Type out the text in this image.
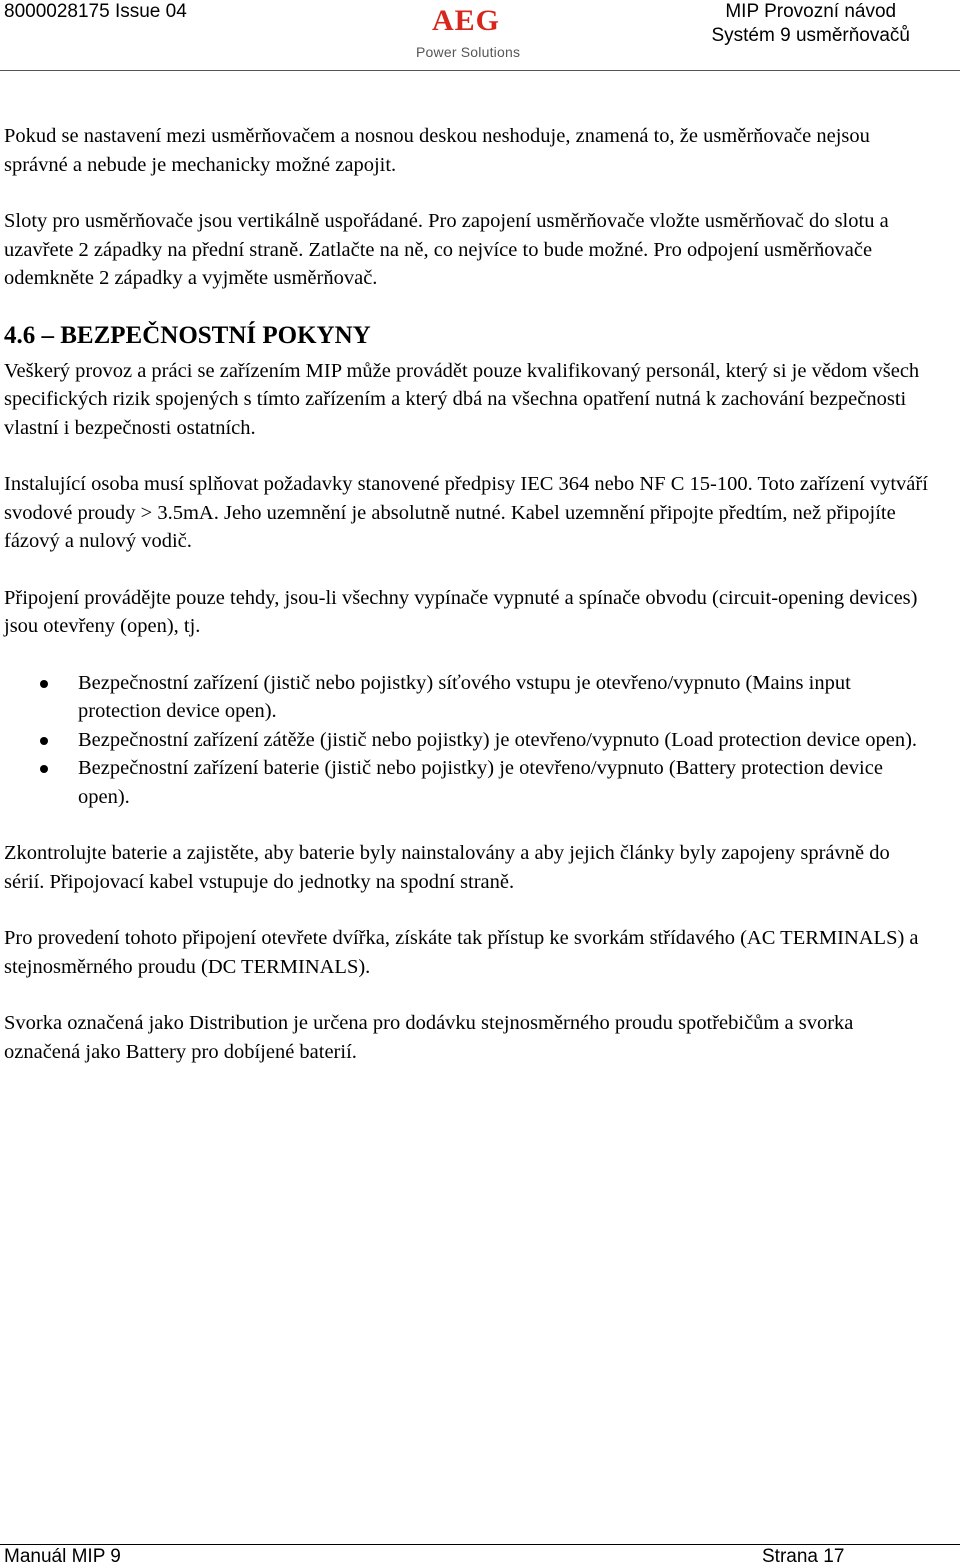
8000028175 Issue 04	AEG
Power Solutions
MIP Provozní návod
Systém 9 usměrňovačů

Pokud se nastavení mezi usměrňovačem a nosnou deskou neshoduje, znamená to, že usměrňovače nejsou správné a nebude je mechanicky možné zapojit.

Sloty pro usměrňovače jsou vertikálně uspořádané. Pro zapojení usměrňovače vložte usměrňovač do slotu a uzavřete 2 západky na přední straně. Zatlačte na ně, co nejvíce to bude možné. Pro odpojení usměrňovače odemkněte 2 západky a vyjměte usměrňovač.

4.6 – BEZPEČNOSTNÍ POKYNY

Veškerý provoz a práci se zařízením MIP může provádět pouze kvalifikovaný personál, který si je vědom všech specifických rizik spojených s tímto zařízením a který dbá na všechna opatření nutná k zachování bezpečnosti vlastní i bezpečnosti ostatních.

Instalující osoba musí splňovat požadavky stanovené předpisy IEC 364 nebo NF C 15-100. Toto zařízení vytváří svodové proudy > 3.5mA. Jeho uzemnění je absolutně nutné. Kabel uzemnění připojte předtím, než připojíte fázový a nulový vodič.

Připojení provádějte pouze tehdy, jsou-li všechny vypínače vypnuté a spínače obvodu (circuit-opening devices) jsou otevřeny (open), tj.

Bezpečnostní zařízení (jistič nebo pojistky) síťového vstupu je otevřeno/vypnuto (Mains input protection device open).
Bezpečnostní zařízení zátěže (jistič nebo pojistky) je otevřeno/vypnuto (Load protection device open).
Bezpečnostní zařízení baterie (jistič nebo pojistky) je otevřeno/vypnuto (Battery protection device open).

Zkontrolujte baterie a zajistěte, aby baterie byly nainstalovány a aby jejich články byly zapojeny správně do sérií. Připojovací kabel vstupuje do jednotky na spodní straně.

Pro provedení tohoto připojení otevřete dvířka, získáte tak přístup ke svorkám střídavého (AC TERMINALS) a stejnosměrného proudu (DC TERMINALS).

Svorka označená jako Distribution je určena pro dodávku stejnosměrného proudu spotřebičům a svorka označená jako Battery pro dobíjené baterií.

Manuál MIP 9	Strana 17
